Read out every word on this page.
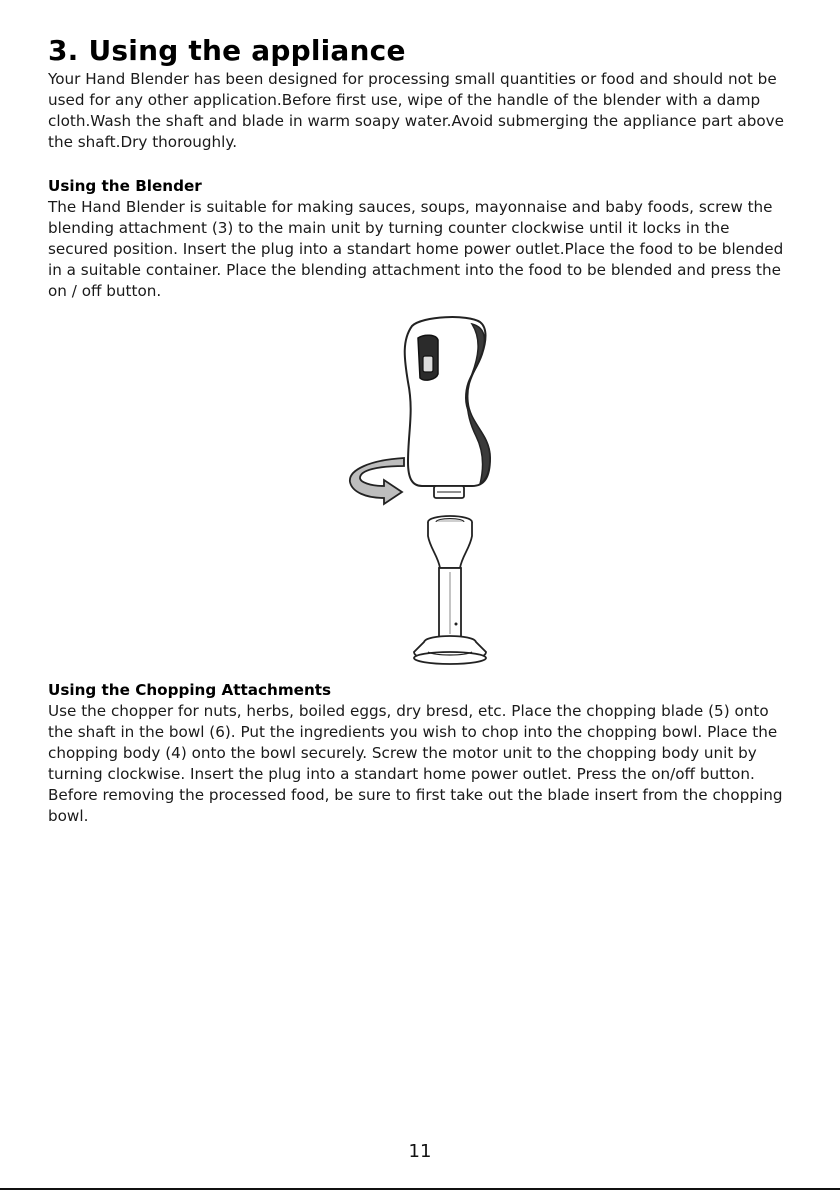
3. Using the appliance

Your Hand Blender has been designed for processing small quantities or food and should not be used for any other application.Before first use, wipe of the handle of the blender with a damp cloth.Wash the shaft and blade in warm soapy water.Avoid submerging the appliance part above the shaft.Dry thoroughly.

Using the Blender

The Hand Blender is suitable for making sauces, soups, mayonnaise and baby foods, screw the blending attachment (3) to the main unit by turning counter clockwise until it locks in the secured position. Insert the plug into a standart home power outlet.Place the food to be blended in a suitable container. Place the blending attachment into the food to be blended and press the on / off button.

Using the Chopping Attachments

Use the chopper for nuts, herbs, boiled eggs, dry bresd, etc. Place the chopping blade (5) onto the shaft in the bowl (6). Put the ingredients you wish to chop into the chopping bowl. Place the chopping body (4) onto the bowl securely. Screw the motor unit to the chopping body unit by turning clockwise. Insert the plug into a standart home power outlet. Press the on/off button. Before removing the processed food, be sure to first take out the blade insert from the chopping bowl.

11
